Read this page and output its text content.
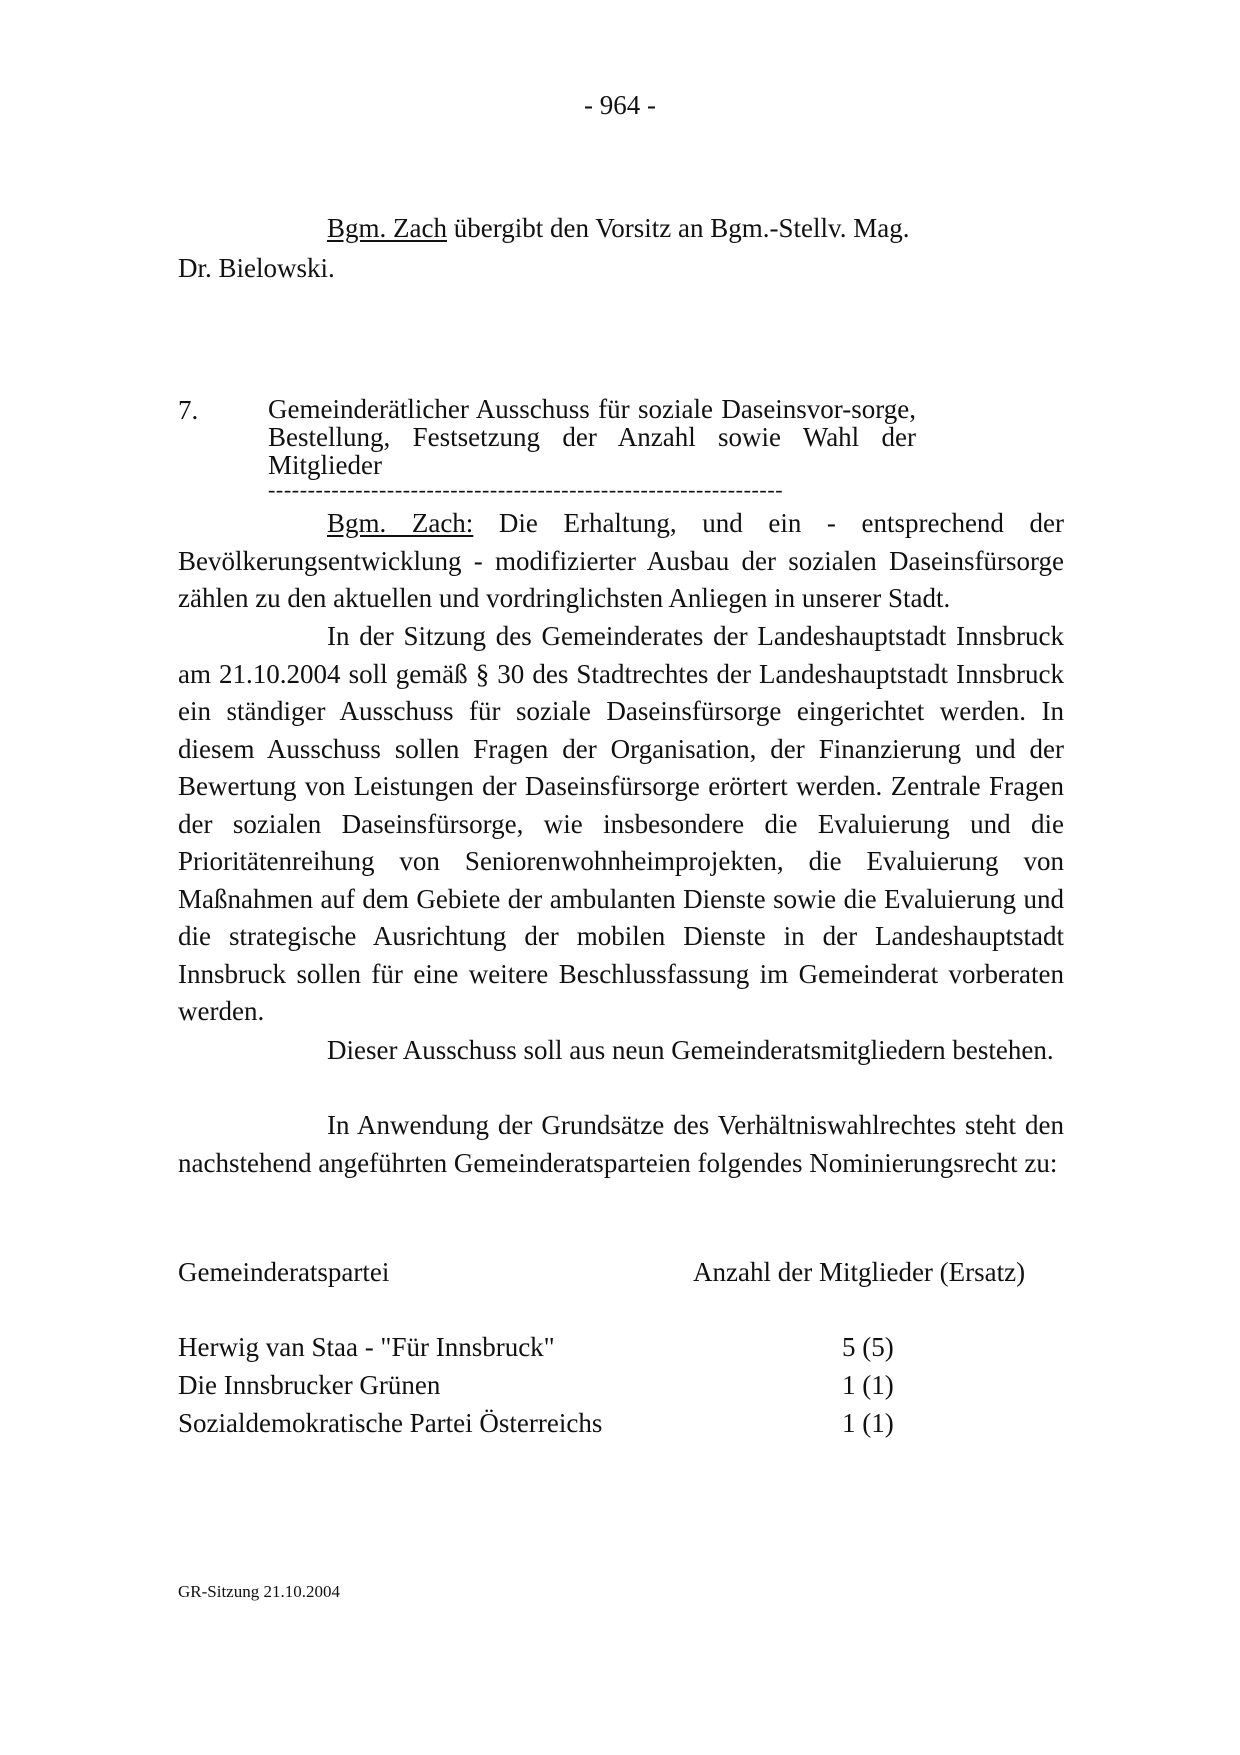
- 964 -
Bgm. Zach übergibt den Vorsitz an Bgm.-Stellv. Mag.
Dr. Bielowski.
7.	Gemeinderätlicher Ausschuss für soziale Daseinsvor-sorge, Bestellung, Festsetzung der Anzahl sowie Wahl der Mitglieder
-----------------------------------------------------------------
Bgm. Zach: Die Erhaltung, und ein - entsprechend der Bevölkerungsentwicklung - modifizierter Ausbau der sozialen Daseinsfürsorge zählen zu den aktuellen und vordringlichsten Anliegen in unserer Stadt.
In der Sitzung des Gemeinderates der Landeshauptstadt Innsbruck am 21.10.2004 soll gemäß § 30 des Stadtrechtes der Landeshauptstadt Innsbruck ein ständiger Ausschuss für soziale Daseinsfürsorge eingerichtet werden. In diesem Ausschuss sollen Fragen der Organisation, der Finanzierung und der Bewertung von Leistungen der Daseinsfürsorge erörtert werden. Zentrale Fragen der sozialen Daseinsfürsorge, wie insbesondere die Evaluierung und die Prioritätenreihung von Seniorenwohnheimprojekten, die Evaluierung von Maßnahmen auf dem Gebiete der ambulanten Dienste sowie die Evaluierung und die strategische Ausrichtung der mobilen Dienste in der Landeshauptstadt Innsbruck sollen für eine weitere Beschlussfassung im Gemeinderat vorberaten werden.
Dieser Ausschuss soll aus neun Gemeinderatsmitgliedern bestehen.
In Anwendung der Grundsätze des Verhältniswahlrechtes steht den nachstehend angeführten Gemeinderatsparteien folgendes Nominierungsrecht zu:
Gemeinderatspartei	Anzahl der Mitglieder (Ersatz)
Herwig van Staa - "Für Innsbruck"	5 (5)
Die Innsbrucker Grünen	1 (1)
Sozialdemokratische Partei Österreichs	1 (1)
GR-Sitzung 21.10.2004
